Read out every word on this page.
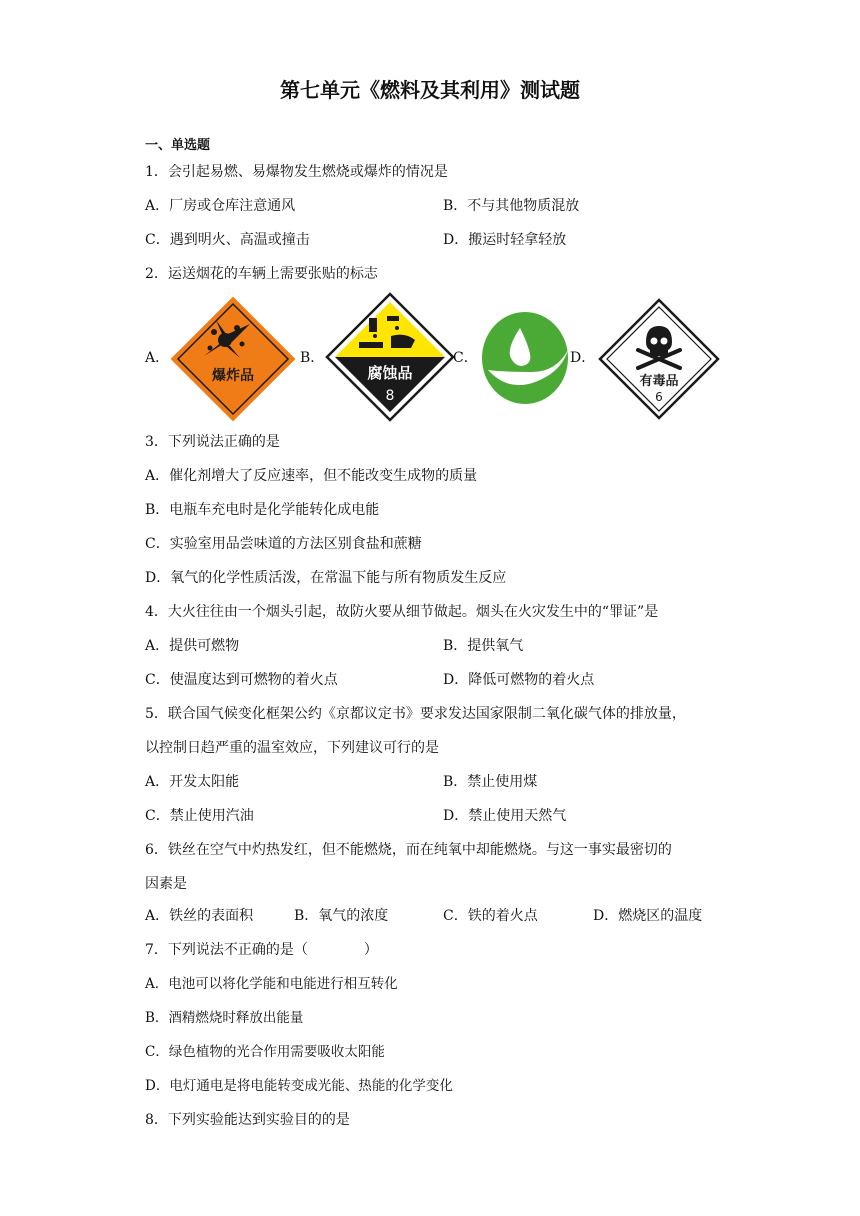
第七单元《燃料及其利用》测试题
一、单选题
1．会引起易燃、易爆物发生燃烧或爆炸的情况是
A．厂房或仓库注意通风	B．不与其他物质混放
C．遇到明火、高温或撞击	D．搬运时轻拿轻放
2．运送烟花的车辆上需要张贴的标志
A．
爆炸品
B．
腐蚀品
8
C．	D．
有毒品
6
3．下列说法正确的是
A．催化剂增大了反应速率，但不能改变生成物的质量
B．电瓶车充电时是化学能转化成电能
C．实验室用品尝味道的方法区别食盐和蔗糖
D．氧气的化学性质活泼，在常温下能与所有物质发生反应
4．大火往往由一个烟头引起，故防火要从细节做起。烟头在火灾发生中的“罪证”是
A．提供可燃物	B．提供氧气
C．使温度达到可燃物的着火点	D．降低可燃物的着火点
5．联合国气候变化框架公约《京都议定书》要求发达国家限制二氧化碳气体的排放量，
以控制日趋严重的温室效应，下列建议可行的是
A．开发太阳能	B．禁止使用煤
C．禁止使用汽油	D．禁止使用天然气
6．铁丝在空气中灼热发红，但不能燃烧，而在纯氧中却能燃烧。与这一事实最密切的
因素是
A．铁丝的表面积	B．氧气的浓度	C．铁的着火点	D．燃烧区的温度
7．下列说法不正确的是（　　　　）
A．电池可以将化学能和电能进行相互转化
B．酒精燃烧时释放出能量
C．绿色植物的光合作用需要吸收太阳能
D．电灯通电是将电能转变成光能、热能的化学变化
8．下列实验能达到实验目的的是
